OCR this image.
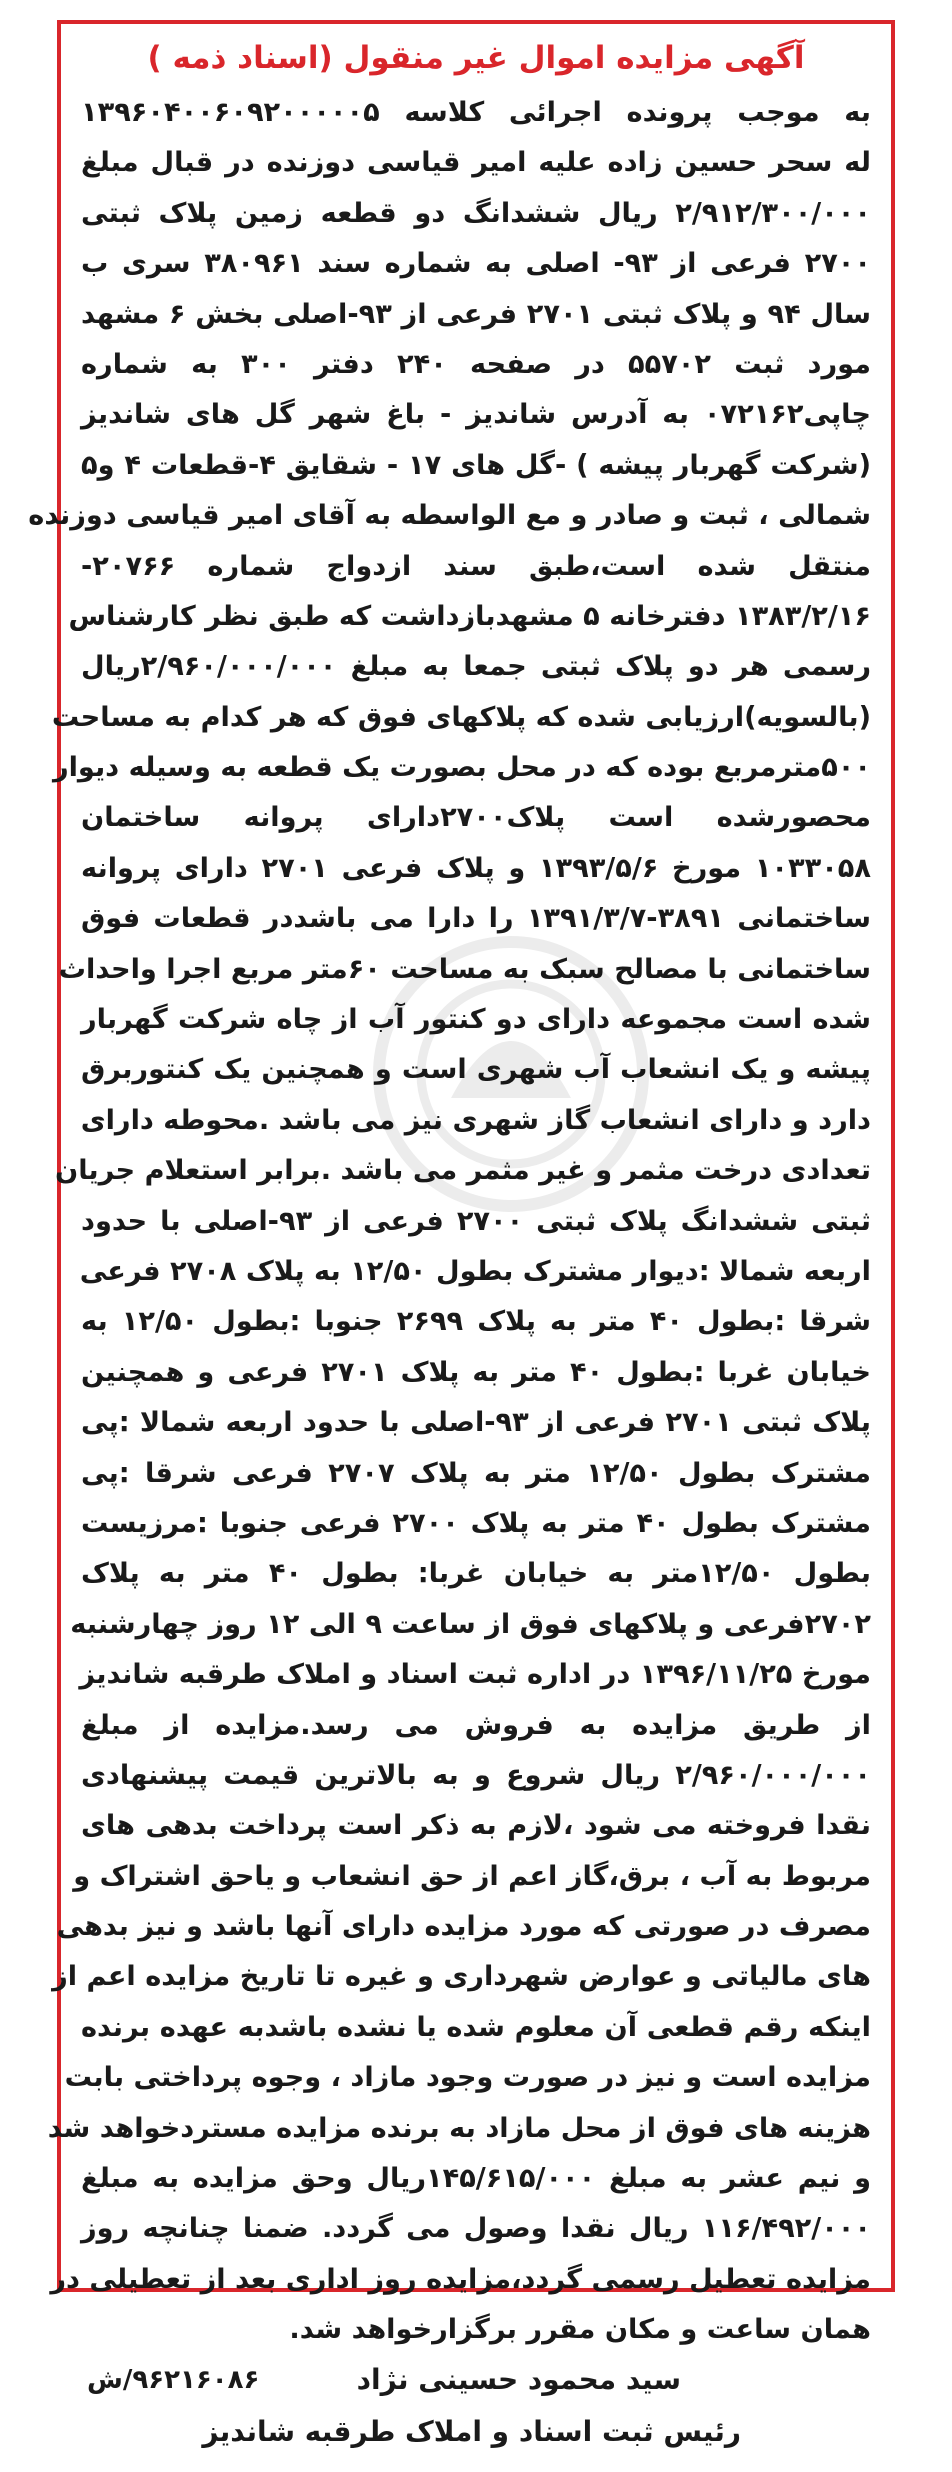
آگهی مزایده اموال غیر منقول (اسناد ذمه )
به موجب پرونده اجرائی کلاسه ۱۳۹۶۰۴۰۰۶۰۹۲۰۰۰۰۰۵
له سحر حسین زاده علیه امیر قیاسی دوزنده در قبال مبلغ
۲/۹۱۲/۳۰۰/۰۰۰ ریال ششدانگ دو قطعه زمین پلاک ثبتی
۲۷۰۰ فرعی از ۹۳- اصلی به شماره سند ۳۸۰۹۶۱ سری ب
سال ۹۴ و پلاک ثبتی ۲۷۰۱ فرعی از ۹۳-اصلی بخش ۶ مشهد
مورد ثبت ۵۵۷۰۲ در صفحه ۲۴۰ دفتر ۳۰۰ به شماره
چاپی۰۷۲۱۶۲ به آدرس شاندیز - باغ شهر گل های شاندیز
(شرکت گهربار پیشه ) -گل های ۱۷ - شقایق ۴-قطعات ۴ و۵
شمالی ، ثبت و صادر و مع الواسطه به آقای امیر قیاسی دوزنده
منتقل شده است،طبق سند ازدواج شماره ۲۰۷۶۶-
۱۳۸۳/۲/۱۶ دفترخانه ۵ مشهدبازداشت که طبق نظر کارشناس
رسمی هر دو پلاک ثبتی جمعا به مبلغ ۲/۹۶۰/۰۰۰/۰۰۰ریال
(بالسویه)ارزیابی شده که پلاکهای فوق که هر کدام به مساحت
۵۰۰مترمربع بوده که در محل بصورت یک قطعه به وسیله دیوار
محصورشده است پلاک۲۷۰۰دارای پروانه ساختمان
۱۰۳۳۰۵۸ مورخ ۱۳۹۳/۵/۶ و پلاک فرعی ۲۷۰۱ دارای پروانه
ساختمانی ۳۸۹۱-۱۳۹۱/۳/۷ را دارا می باشددر قطعات فوق
ساختمانی با مصالح سبک به مساحت ۶۰متر مربع اجرا واحداث
شده است مجموعه دارای دو کنتور آب از چاه شرکت گهربار
پیشه و یک انشعاب آب شهری است و همچنین یک کنتوربرق
دارد و دارای انشعاب گاز شهری نیز می باشد .محوطه دارای
تعدادی درخت مثمر و غیر مثمر می باشد .برابر استعلام جریان
ثبتی ششدانگ پلاک ثبتی ۲۷۰۰ فرعی از ۹۳-اصلی با حدود
اربعه شمالا :دیوار مشترک بطول ۱۲/۵۰ به پلاک ۲۷۰۸ فرعی
شرقا :بطول ۴۰ متر به پلاک ۲۶۹۹ جنوبا :بطول ۱۲/۵۰ به
خیابان غربا :بطول ۴۰ متر به پلاک ۲۷۰۱ فرعی و همچنین
پلاک ثبتی ۲۷۰۱ فرعی از ۹۳-اصلی با حدود اربعه شمالا :پی
مشترک بطول ۱۲/۵۰ متر به پلاک ۲۷۰۷ فرعی شرقا :پی
مشترک بطول ۴۰ متر به پلاک ۲۷۰۰ فرعی جنوبا :مرزیست
بطول ۱۲/۵۰متر به خیابان غربا: بطول ۴۰ متر به پلاک
۲۷۰۲فرعی و پلاکهای فوق از ساعت ۹ الی ۱۲ روز چهارشنبه
مورخ ۱۳۹۶/۱۱/۲۵ در اداره ثبت اسناد و املاک طرقبه شاندیز
از طریق مزایده به فروش می رسد.مزایده از مبلغ
۲/۹۶۰/۰۰۰/۰۰۰ ریال شروع و به بالاترین قیمت پیشنهادی
نقدا فروخته می شود ،لازم به ذکر است پرداخت بدهی های
مربوط به آب ، برق،گاز اعم از حق انشعاب و یاحق اشتراک و
مصرف در صورتی که مورد مزایده دارای آنها باشد و نیز بدهی
های مالیاتی و عوارض شهرداری و غیره تا تاریخ مزایده اعم از
اینکه رقم قطعی آن معلوم شده یا نشده باشدبه عهده برنده
مزایده است و نیز در صورت وجود مازاد ، وجوه پرداختی بابت
هزینه های فوق از محل مازاد به برنده مزایده مستردخواهد شد
و نیم عشر به مبلغ ۱۴۵/۶۱۵/۰۰۰ریال وحق مزایده به مبلغ
۱۱۶/۴۹۲/۰۰۰ ریال نقدا وصول می گردد. ضمنا چنانچه روز
مزایده تعطیل رسمی گردد،مزایده روز اداری بعد از تعطیلی در
همان ساعت و مکان مقرر برگزارخواهد شد.
سید محمود حسینی نژاد
۹۶۲۱۶۰۸۶/ش
رئیس ثبت اسناد و املاک طرقبه شاندیز
